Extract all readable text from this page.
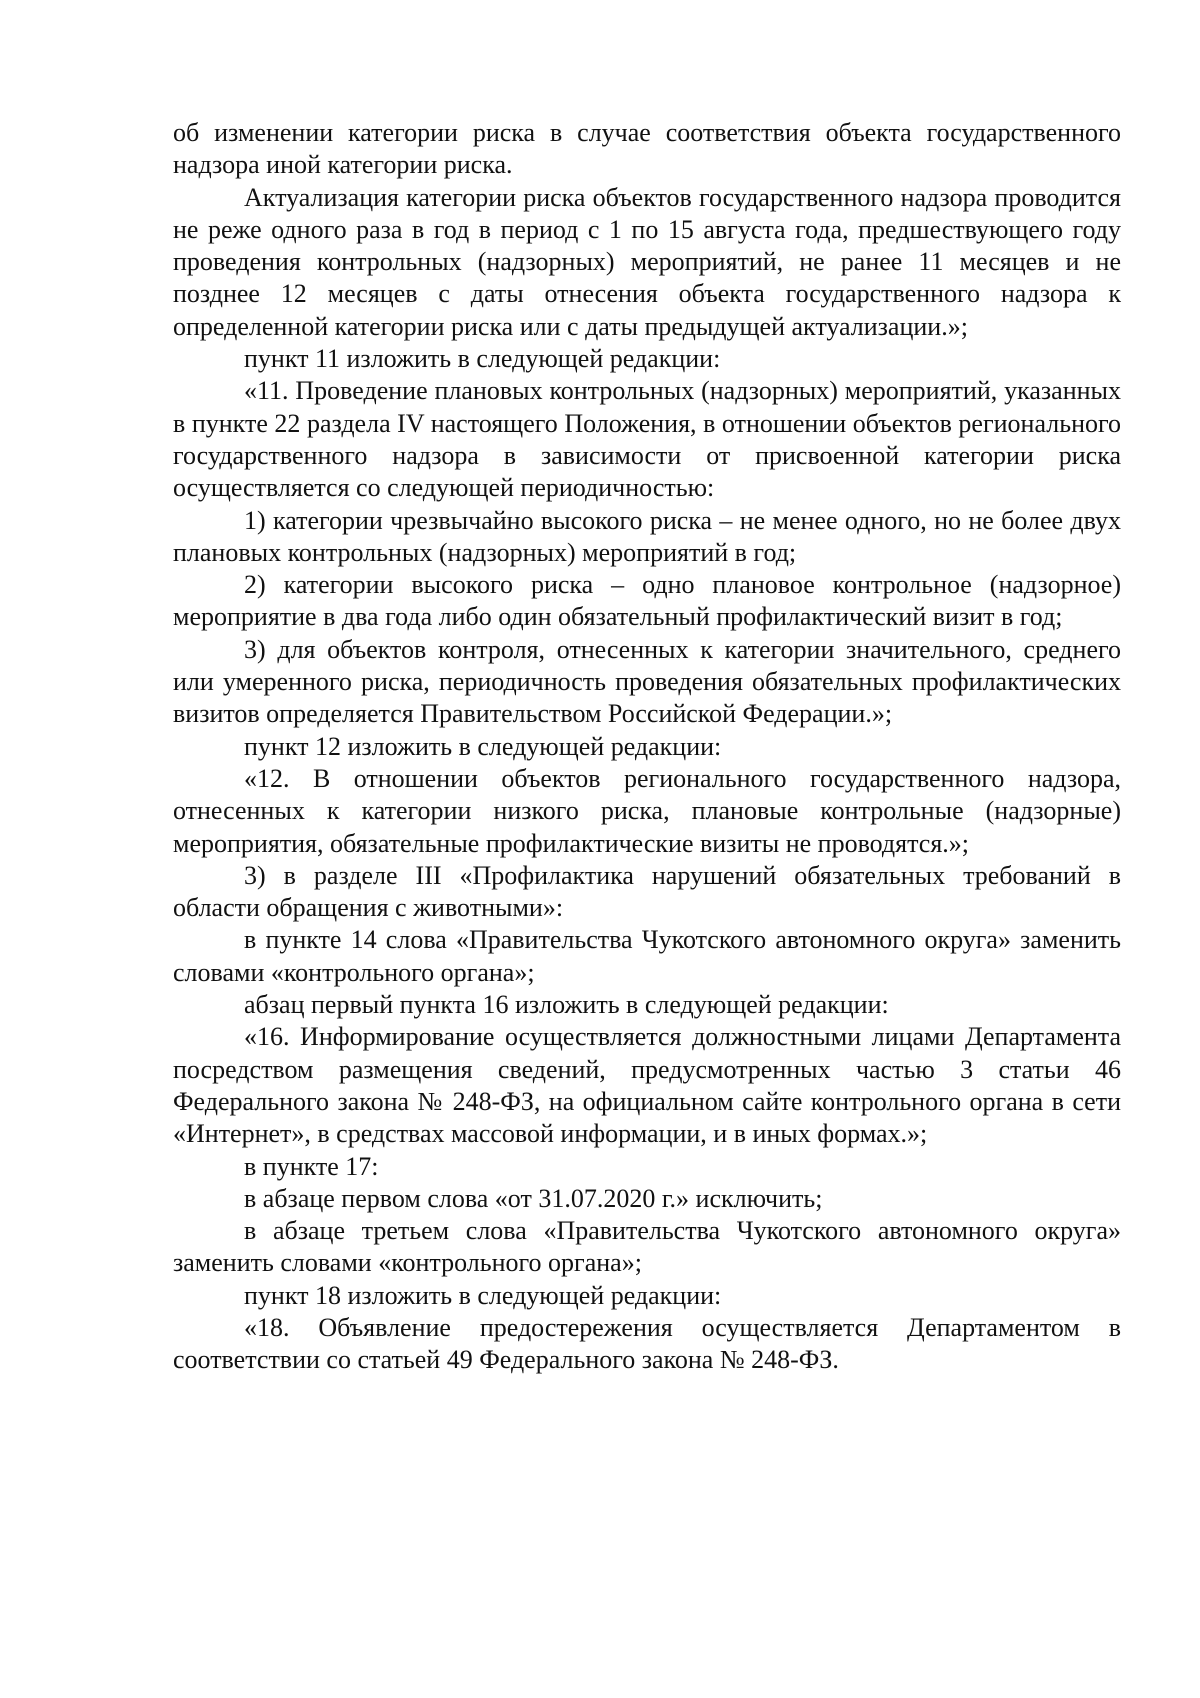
об изменении категории риска в случае соответствия объекта государственного надзора иной категории риска.

Актуализация категории риска объектов государственного надзора проводится не реже одного раза в год в период с 1 по 15 августа года, предшествующего году проведения контрольных (надзорных) мероприятий, не ранее 11 месяцев и не позднее 12 месяцев с даты отнесения объекта государственного надзора к определенной категории риска или с даты предыдущей актуализации.»;

пункт 11 изложить в следующей редакции:

«11. Проведение плановых контрольных (надзорных) мероприятий, указанных в пункте 22 раздела IV настоящего Положения, в отношении объектов регионального государственного надзора в зависимости от присвоенной категории риска осуществляется со следующей периодичностью:

1) категории чрезвычайно высокого риска – не менее одного, но не более двух плановых контрольных (надзорных) мероприятий в год;

2) категории высокого риска – одно плановое контрольное (надзорное) мероприятие в два года либо один обязательный профилактический визит в год;

3) для объектов контроля, отнесенных к категории значительного, среднего или умеренного риска, периодичность проведения обязательных профилактических визитов определяется Правительством Российской Федерации.»;

пункт 12 изложить в следующей редакции:

«12. В отношении объектов регионального государственного надзора, отнесенных к категории низкого риска, плановые контрольные (надзорные) мероприятия, обязательные профилактические визиты не проводятся.»;

3) в разделе III «Профилактика нарушений обязательных требований в области обращения с животными»:

в пункте 14 слова «Правительства Чукотского автономного округа» заменить словами «контрольного органа»;

абзац первый пункта 16 изложить в следующей редакции:

«16. Информирование осуществляется должностными лицами Департамента посредством размещения сведений, предусмотренных частью 3 статьи 46 Федерального закона № 248-ФЗ, на официальном сайте контрольного органа в сети «Интернет», в средствах массовой информации, и в иных формах.»;

в пункте 17:

в абзаце первом слова «от 31.07.2020 г.» исключить;

в абзаце третьем слова «Правительства Чукотского автономного округа» заменить словами «контрольного органа»;

пункт 18 изложить в следующей редакции:

«18. Объявление предостережения осуществляется Департаментом в соответствии со статьей 49 Федерального закона № 248-ФЗ.
